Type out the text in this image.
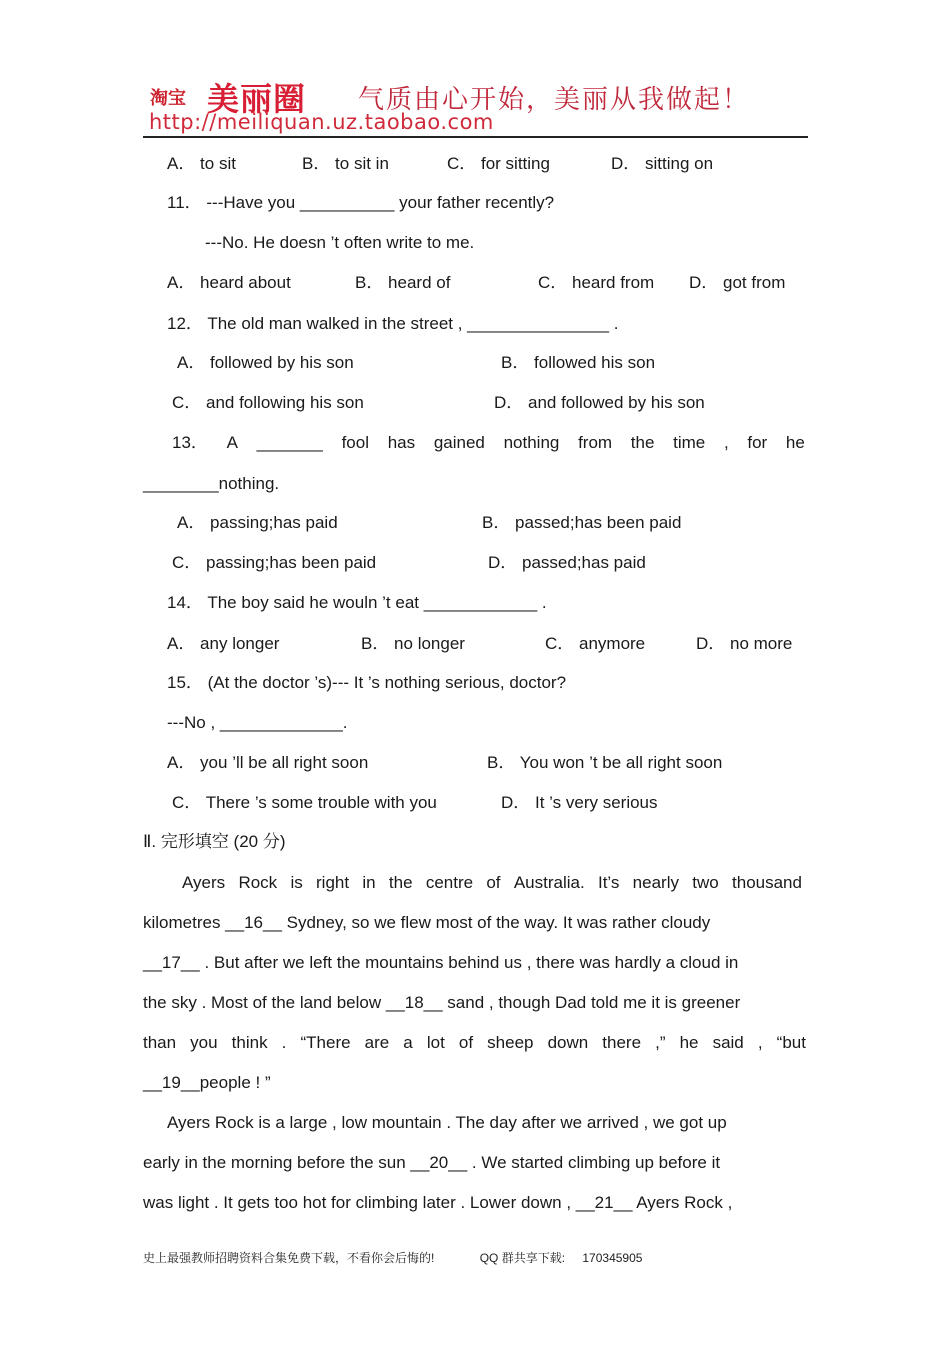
淘宝 美丽圈 气质由心开始，美丽从我做起！
http://meiliquan.uz.taobao.com
A． to sit	B． to sit in	C． for sitting	D． sitting on
11． ---Have you __________ your father recently?
---No. He doesn ’t often write to me.
A． heard about	B． heard of	C． heard from D． got from
12． The old man walked in the street , _______________ .
A． followed by his son	B． followed his son
C． and following his son	D． and followed by his son
13． A _______ fool has gained nothing from the time , for he
________nothing.
A． passing;has paid	B． passed;has been paid
C． passing;has been paid	D． passed;has paid
14． The boy said he wouln ’t eat ____________ .
A． any longer	B． no longer	C． anymore	D． no more
15． (At the doctor ’s)--- It ’s nothing serious, doctor?
---No , _____________.
A． you ’ll be all right soon	B． You won ’t be all right soon
C． There ’s some trouble with you	D． It ’s very serious
Ⅱ. 完形填空 (20 分)
Ayers Rock is right in the centre of Australia. It’s nearly two thousand
kilometres __16__ Sydney, so we flew most of the way. It was rather cloudy
__17__ . But after we left the mountains behind us , there was hardly a cloud in
the sky . Most of the land below __18__ sand , though Dad told me it is greener
than you think . “There are a lot of sheep down there ,” he said , “but
__19__people ! ”
Ayers Rock is a large , low mountain . The day after we arrived , we got up
early in the morning before the sun __20__ . We started climbing up before it
was light . It gets too hot for climbing later . Lower down , __21__ Ayers Rock ,
史上最强教师招聘资料合集免费下载，不看你会后悔的!	QQ 群共享下载: 170345905
